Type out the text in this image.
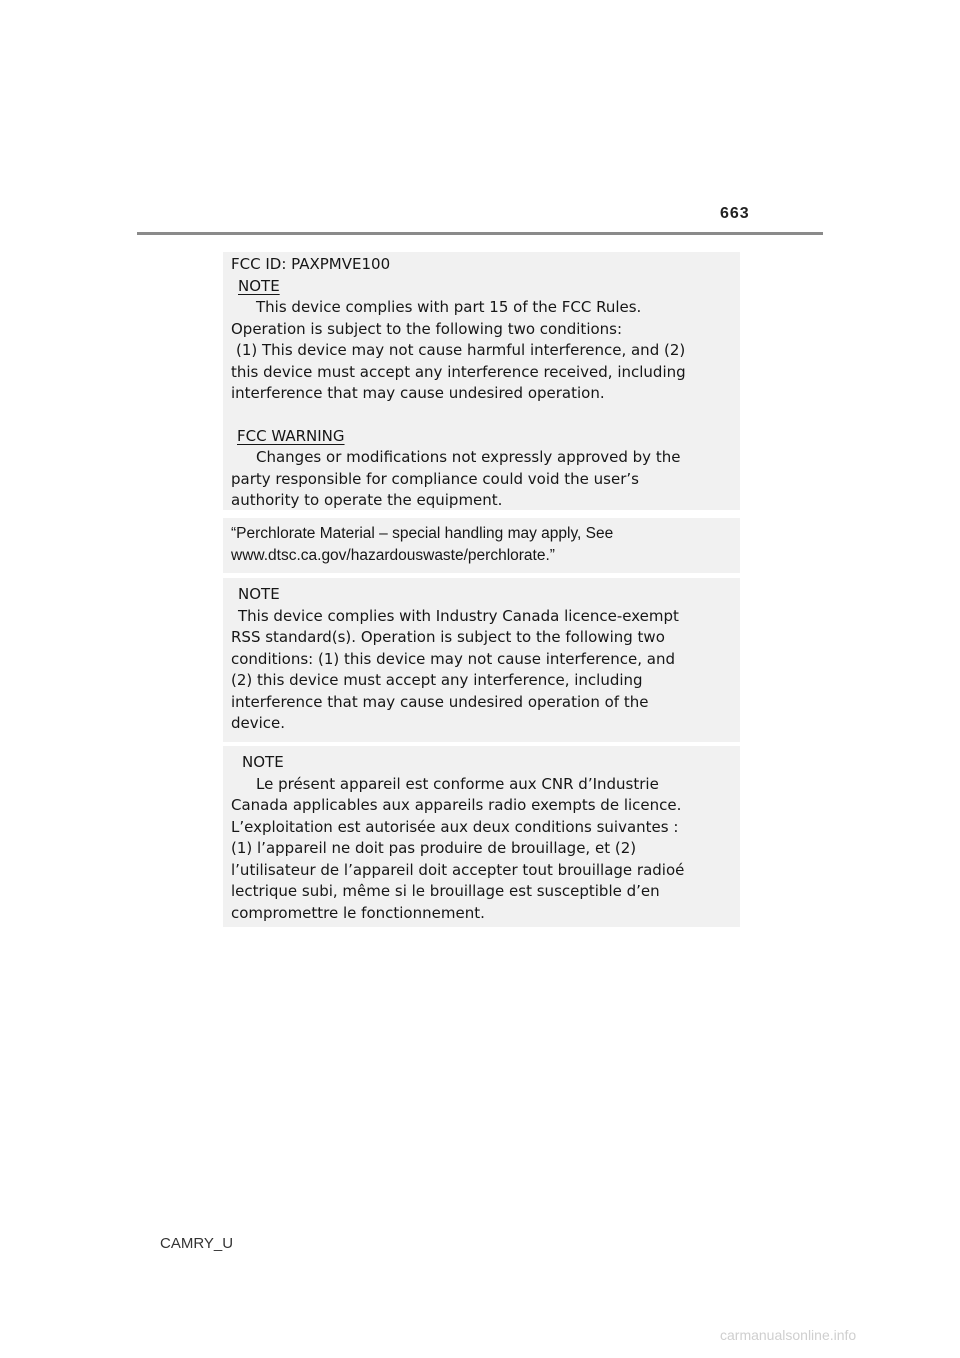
663
FCC ID: PAXPMVE100
NOTE
This device complies with part 15 of the FCC Rules.
Operation is subject to the following two conditions:
(1) This device may not cause harmful interference, and (2)
this device must accept any interference received, including
interference that may cause undesired operation.
FCC WARNING
Changes or modifications not expressly approved by the
party responsible for compliance could void the user’s
authority to operate the equipment.
“Perchlorate Material – special handling may apply, See
www.dtsc.ca.gov/hazardouswaste/perchlorate.”
NOTE
This device complies with Industry Canada licence-exempt
RSS standard(s). Operation is subject to the following two
conditions: (1) this device may not cause interference, and
(2) this device must accept any interference, including
interference that may cause undesired operation of the
device.
NOTE
Le présent appareil est conforme aux CNR d’Industrie
Canada applicables aux appareils radio exempts de licence.
L’exploitation est autorisée aux deux conditions suivantes :
(1) l’appareil ne doit pas produire de brouillage, et (2)
l’utilisateur de l’appareil doit accepter tout brouillage radioé
lectrique subi, même si le brouillage est susceptible d’en
compromettre le fonctionnement.
CAMRY_U
carmanualsonline.info
